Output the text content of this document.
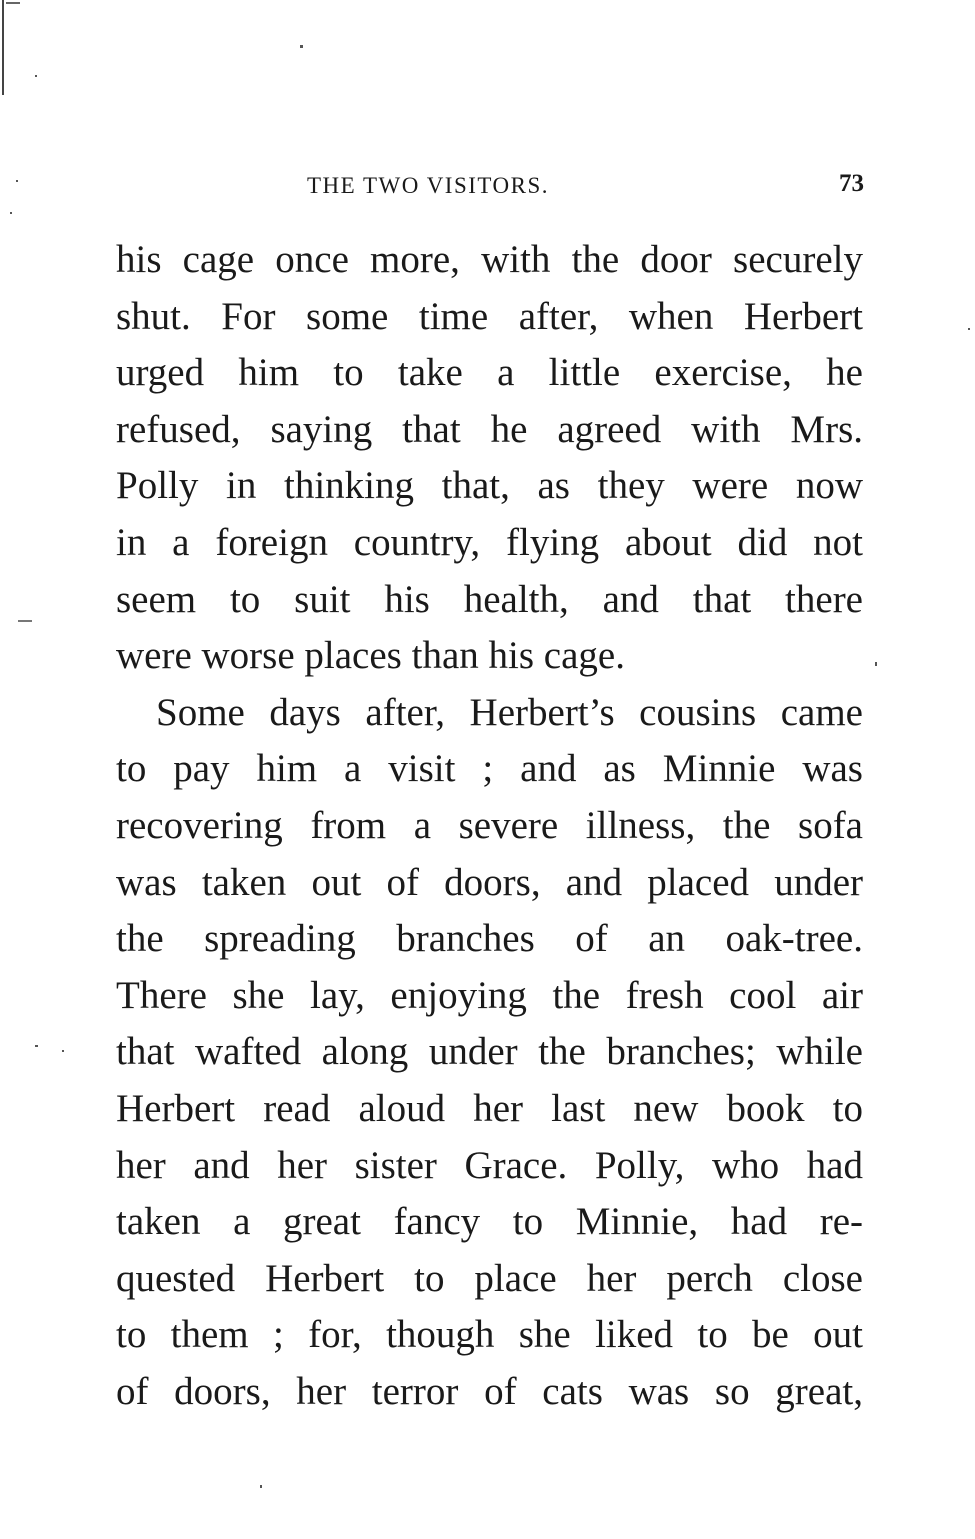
THE TWO VISITORS.	73
his cage once more, with the door securely
shut. For some time after, when Herbert
urged him to take a little exercise, he
refused, saying that he agreed with Mrs.
Polly in thinking that, as they were now
in a foreign country, flying about did not
seem to suit his health, and that there
were worse places than his cage.
Some days after, Herbert’s cousins came
to pay him a visit ; and as Minnie was
recovering from a severe illness, the sofa
was taken out of doors, and placed under
the spreading branches of an oak-tree.
There she lay, enjoying the fresh cool air
that wafted along under the branches; while
Herbert read aloud her last new book to
her and her sister Grace. Polly, who had
taken a great fancy to Minnie, had re-
quested Herbert to place her perch close
to them ; for, though she liked to be out
of doors, her terror of cats was so great,
